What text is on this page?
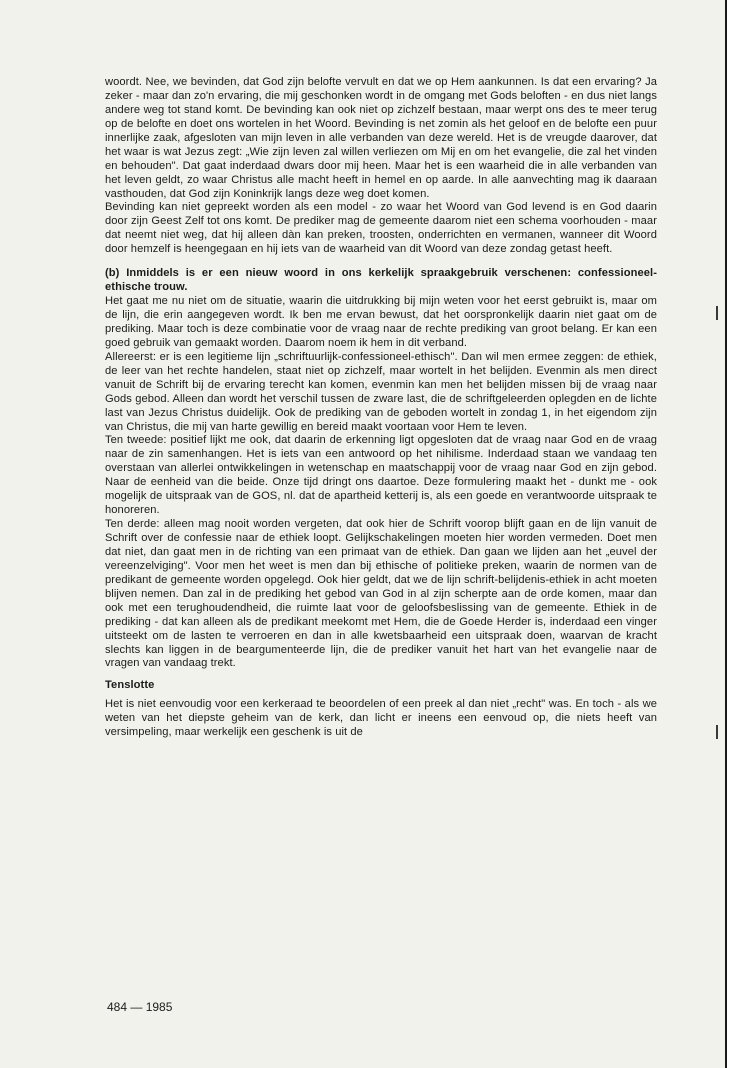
woordt. Nee, we bevinden, dat God zijn belofte vervult en dat we op Hem aankunnen. Is dat een ervaring? Ja zeker - maar dan zo'n ervaring, die mij geschonken wordt in de omgang met Gods beloften - en dus niet langs andere weg tot stand komt. De bevinding kan ook niet op zichzelf bestaan, maar werpt ons des te meer terug op de belofte en doet ons wortelen in het Woord. Bevinding is net zomin als het geloof en de belofte een puur innerlijke zaak, afgesloten van mijn leven in alle verbanden van deze wereld. Het is de vreugde daarover, dat het waar is wat Jezus zegt: „Wie zijn leven zal willen verliezen om Mij en om het evangelie, die zal het vinden en behouden". Dat gaat inderdaad dwars door mij heen. Maar het is een waarheid die in alle verbanden van het leven geldt, zo waar Christus alle macht heeft in hemel en op aarde. In alle aanvechting mag ik daaraan vasthouden, dat God zijn Koninkrijk langs deze weg doet komen.

Bevinding kan niet gepreekt worden als een model - zo waar het Woord van God levend is en God daarin door zijn Geest Zelf tot ons komt. De prediker mag de gemeente daarom niet een schema voorhouden - maar dat neemt niet weg, dat hij alleen dàn kan preken, troosten, onderrichten en vermanen, wanneer dit Woord door hemzelf is heengegaan en hij iets van de waarheid van dit Woord van deze zondag getast heeft.

(b) Inmiddels is er een nieuw woord in ons kerkelijk spraakgebruik verschenen: confessioneel-ethische trouw.

Het gaat me nu niet om de situatie, waarin die uitdrukking bij mijn weten voor het eerst gebruikt is, maar om de lijn, die erin aangegeven wordt. Ik ben me ervan bewust, dat het oorspronkelijk daarin niet gaat om de prediking. Maar toch is deze combinatie voor de vraag naar de rechte prediking van groot belang. Er kan een goed gebruik van gemaakt worden. Daarom noem ik hem in dit verband.

Allereerst: er is een legitieme lijn „schriftuurlijk-confessioneel-ethisch". Dan wil men ermee zeggen: de ethiek, de leer van het rechte handelen, staat niet op zichzelf, maar wortelt in het belijden. Evenmin als men direct vanuit de Schrift bij de ervaring terecht kan komen, evenmin kan men het belijden missen bij de vraag naar Gods gebod. Alleen dan wordt het verschil tussen de zware last, die de schriftgeleerden oplegden en de lichte last van Jezus Christus duidelijk. Ook de prediking van de geboden wortelt in zondag 1, in het eigendom zijn van Christus, die mij van harte gewillig en bereid maakt voortaan voor Hem te leven.

Ten tweede: positief lijkt me ook, dat daarin de erkenning ligt opgesloten dat de vraag naar God en de vraag naar de zin samenhangen. Het is iets van een antwoord op het nihilisme. Inderdaad staan we vandaag ten overstaan van allerlei ontwikkelingen in wetenschap en maatschappij voor de vraag naar God en zijn gebod. Naar de eenheid van die beide. Onze tijd dringt ons daartoe. Deze formulering maakt het - dunkt me - ook mogelijk de uitspraak van de GOS, nl. dat de apartheid ketterij is, als een goede en verantwoorde uitspraak te honoreren.

Ten derde: alleen mag nooit worden vergeten, dat ook hier de Schrift voorop blijft gaan en de lijn vanuit de Schrift over de confessie naar de ethiek loopt. Gelijkschakelingen moeten hier worden vermeden. Doet men dat niet, dan gaat men in de richting van een primaat van de ethiek. Dan gaan we lijden aan het „euvel der vereenzelviging". Voor men het weet is men dan bij ethische of politieke preken, waarin de normen van de predikant de gemeente worden opgelegd. Ook hier geldt, dat we de lijn schrift-belijdenis-ethiek in acht moeten blijven nemen. Dan zal in de prediking het gebod van God in al zijn scherpte aan de orde komen, maar dan ook met een terughoudendheid, die ruimte laat voor de geloofsbeslissing van de gemeente. Ethiek in de prediking - dat kan alleen als de predikant meekomt met Hem, die de Goede Herder is, inderdaad een vinger uitsteekt om de lasten te verroeren en dan in alle kwetsbaarheid een uitspraak doen, waarvan de kracht slechts kan liggen in de beargumenteerde lijn, die de prediker vanuit het hart van het evangelie naar de vragen van vandaag trekt.

Tenslotte

Het is niet eenvoudig voor een kerkeraad te beoordelen of een preek al dan niet „recht" was. En toch - als we weten van het diepste geheim van de kerk, dan licht er ineens een eenvoud op, die niets heeft van versimpeling, maar werkelijk een geschenk is uit de

484 — 1985
